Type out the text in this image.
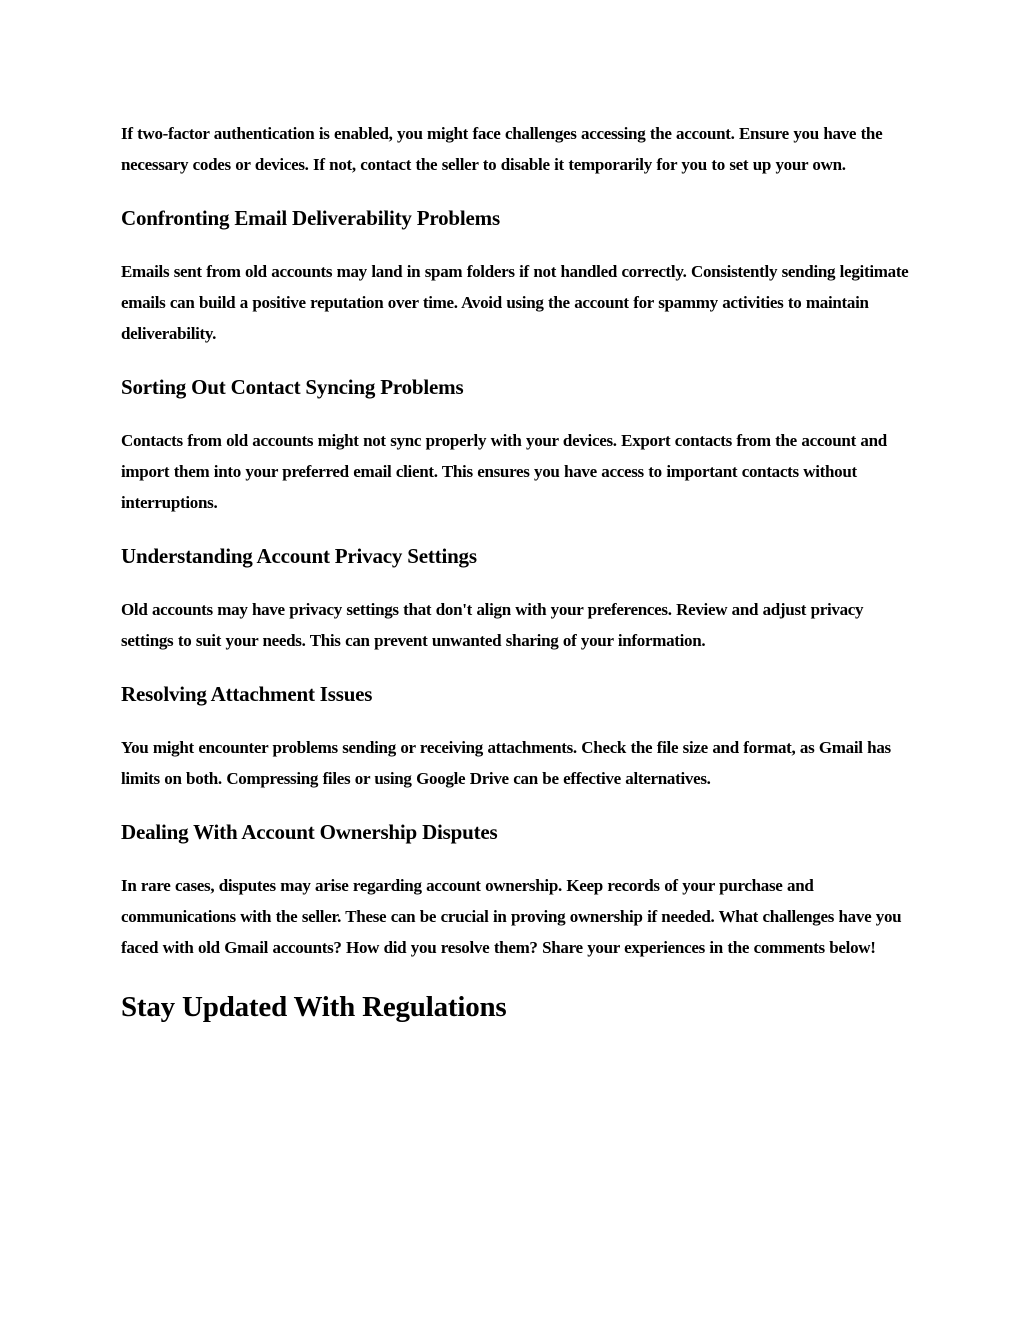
If two-factor authentication is enabled, you might face challenges accessing the account. Ensure you have the necessary codes or devices. If not, contact the seller to disable it temporarily for you to set up your own.

Confronting Email Deliverability Problems

Emails sent from old accounts may land in spam folders if not handled correctly. Consistently sending legitimate emails can build a positive reputation over time. Avoid using the account for spammy activities to maintain deliverability.

Sorting Out Contact Syncing Problems

Contacts from old accounts might not sync properly with your devices. Export contacts from the account and import them into your preferred email client. This ensures you have access to important contacts without interruptions.

Understanding Account Privacy Settings

Old accounts may have privacy settings that don't align with your preferences. Review and adjust privacy settings to suit your needs. This can prevent unwanted sharing of your information.

Resolving Attachment Issues

You might encounter problems sending or receiving attachments. Check the file size and format, as Gmail has limits on both. Compressing files or using Google Drive can be effective alternatives.

Dealing With Account Ownership Disputes

In rare cases, disputes may arise regarding account ownership. Keep records of your purchase and communications with the seller. These can be crucial in proving ownership if needed. What challenges have you faced with old Gmail accounts? How did you resolve them? Share your experiences in the comments below!

Stay Updated With Regulations
